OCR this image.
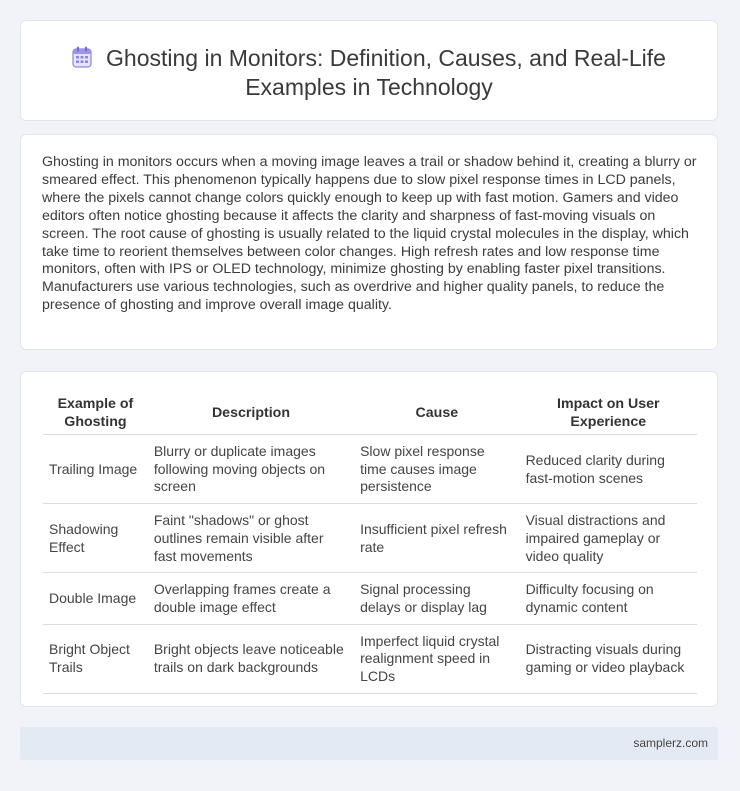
Ghosting in Monitors: Definition, Causes, and Real-Life Examples in Technology

Ghosting in monitors occurs when a moving image leaves a trail or shadow behind it, creating a blurry or smeared effect. This phenomenon typically happens due to slow pixel response times in LCD panels, where the pixels cannot change colors quickly enough to keep up with fast motion. Gamers and video editors often notice ghosting because it affects the clarity and sharpness of fast-moving visuals on screen. The root cause of ghosting is usually related to the liquid crystal molecules in the display, which take time to reorient themselves between color changes. High refresh rates and low response time monitors, often with IPS or OLED technology, minimize ghosting by enabling faster pixel transitions. Manufacturers use various technologies, such as overdrive and higher quality panels, to reduce the presence of ghosting and improve overall image quality.

Example of Ghosting	Description	Cause	Impact on User Experience
Trailing Image	Blurry or duplicate images following moving objects on screen	Slow pixel response time causes image persistence	Reduced clarity during fast-motion scenes
Shadowing Effect	Faint "shadows" or ghost outlines remain visible after fast movements	Insufficient pixel refresh rate	Visual distractions and impaired gameplay or video quality
Double Image	Overlapping frames create a double image effect	Signal processing delays or display lag	Difficulty focusing on dynamic content
Bright Object Trails	Bright objects leave noticeable trails on dark backgrounds	Imperfect liquid crystal realignment speed in LCDs	Distracting visuals during gaming or video playback
samplerz.com
